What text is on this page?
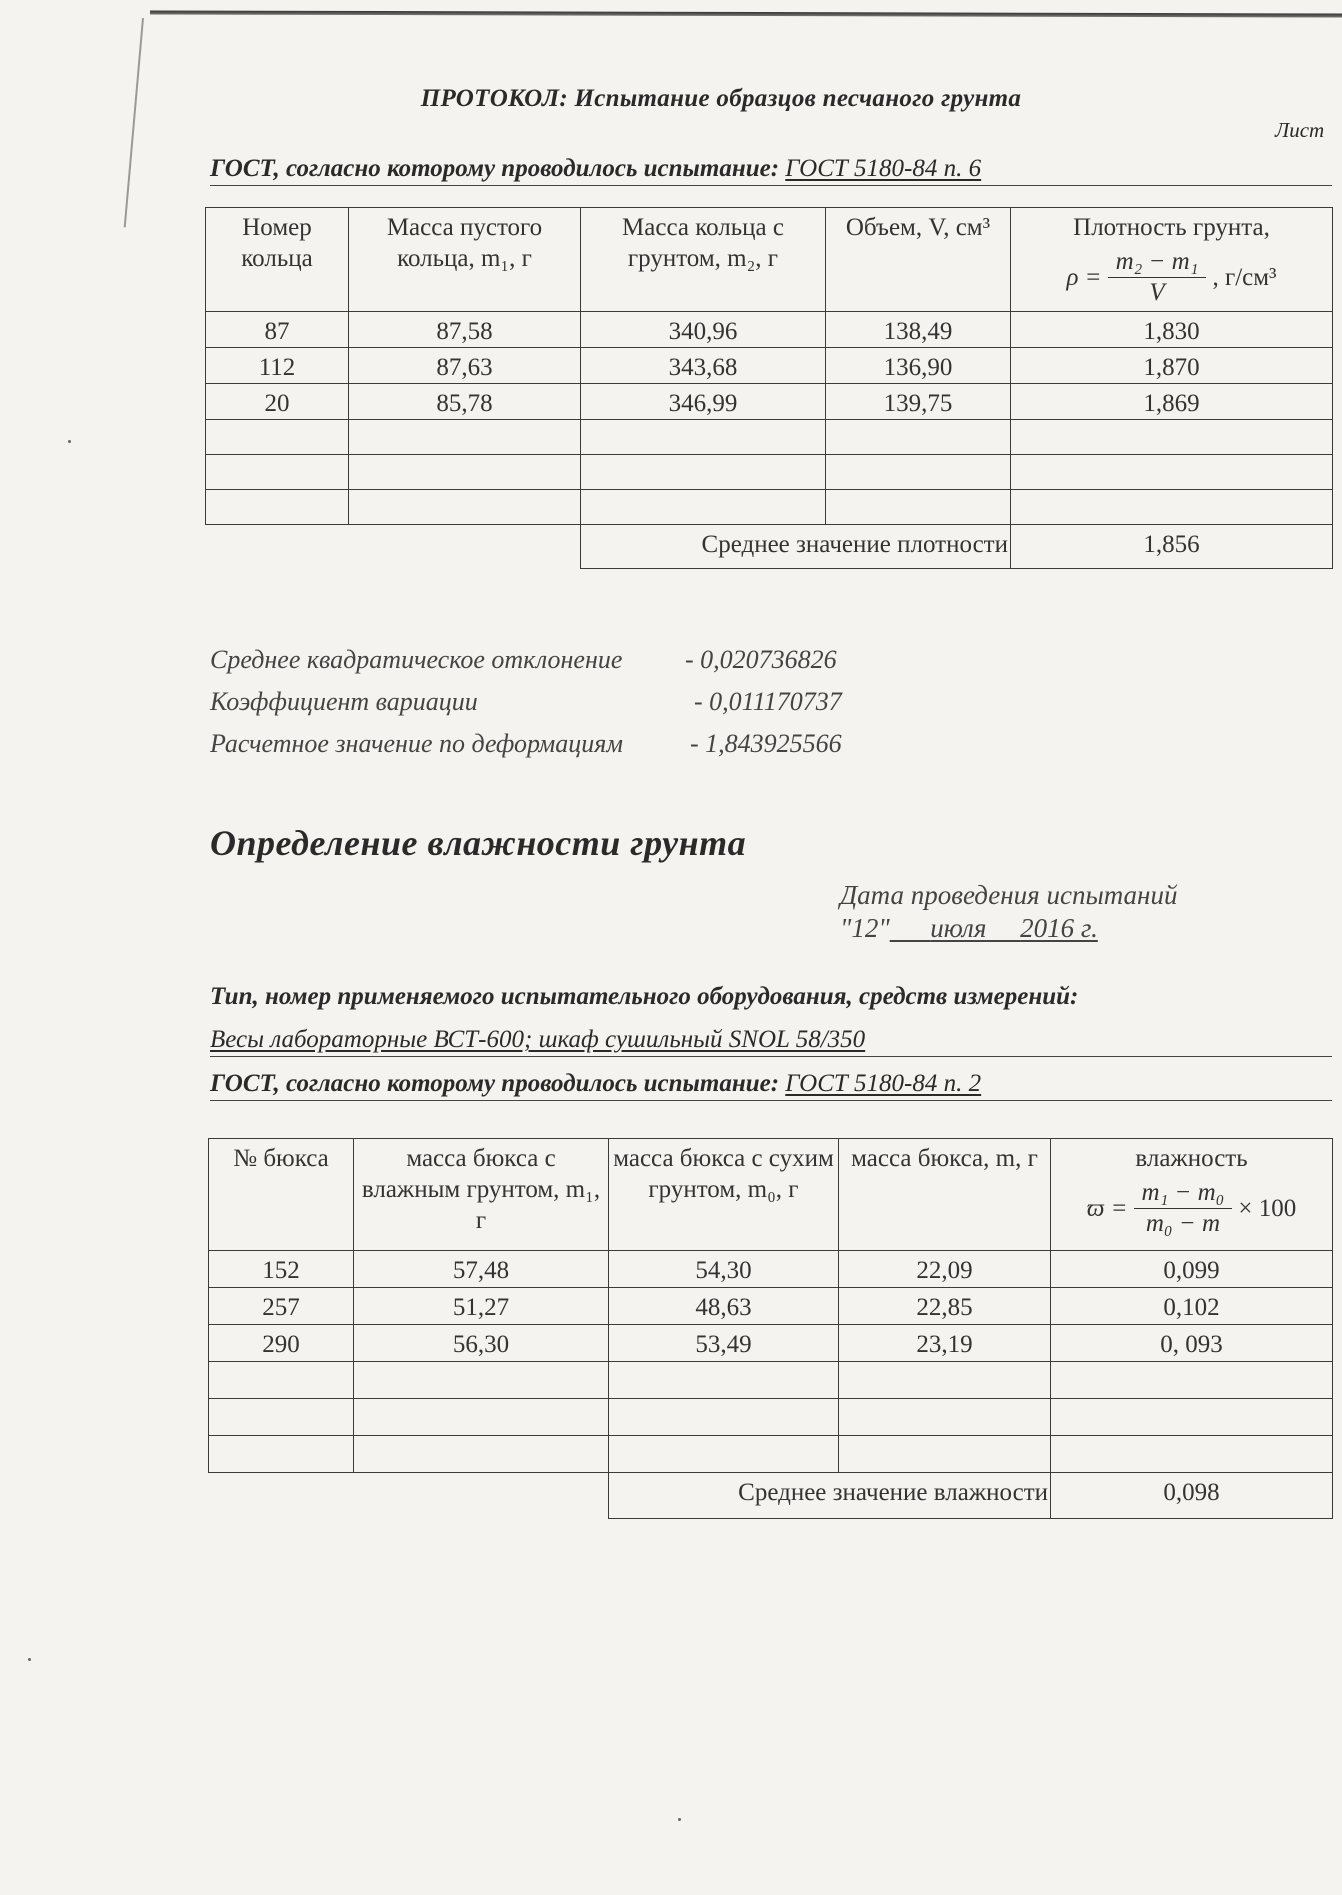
ПРОТОКОЛ: Испытание образцов песчаного грунта
Лист
ГОСТ, согласно которому проводилось испытание: ГОСТ 5180-84 п. 6
Номер кольца	Масса пустого кольца, m₁, г	Масса кольца с грунтом, m₂, г	Объем, V, см³	Плотность грунта,
$\rho = \frac{\text{m₂ − m₁}}{V}$ , г/см³

87	87,58	340,96	138,49	1,830
112	87,63	343,68	136,90	1,870
20	85,78	346,99	139,75	1,869

		Среднее значение плотности		1,856
Среднее квадратическое отклонение - 0,020736826
Коэффициент вариации	- 0,011170737
Расчетное значение по деформациям	- 1,843925566
Определение влажности грунта
Дата проведения испытаний
"12" июля 2016 г.
Тип, номер применяемого испытательного оборудования, средств измерений:
Весы лабораторные ВСТ-600; шкаф сушильный SNOL 58/350
ГОСТ, согласно которому проводилось испытание: ГОСТ 5180-84 п. 2
№ бюкса	масса бюкса с влажным грунтом, m₁, г	масса бюкса с сухим грунтом, m₀, г	масса бюкса, m, г	влажность
$ϖ = \frac{\text{m₁ − m₀}}{\text{m₀ − m}} \times 100$

152	57,48	54,30	22,09	0,099
257	51,27	48,63	22,85	0,102
290	56,30	53,49	23,19	0, 093

		Среднее значение влажности		0,098
